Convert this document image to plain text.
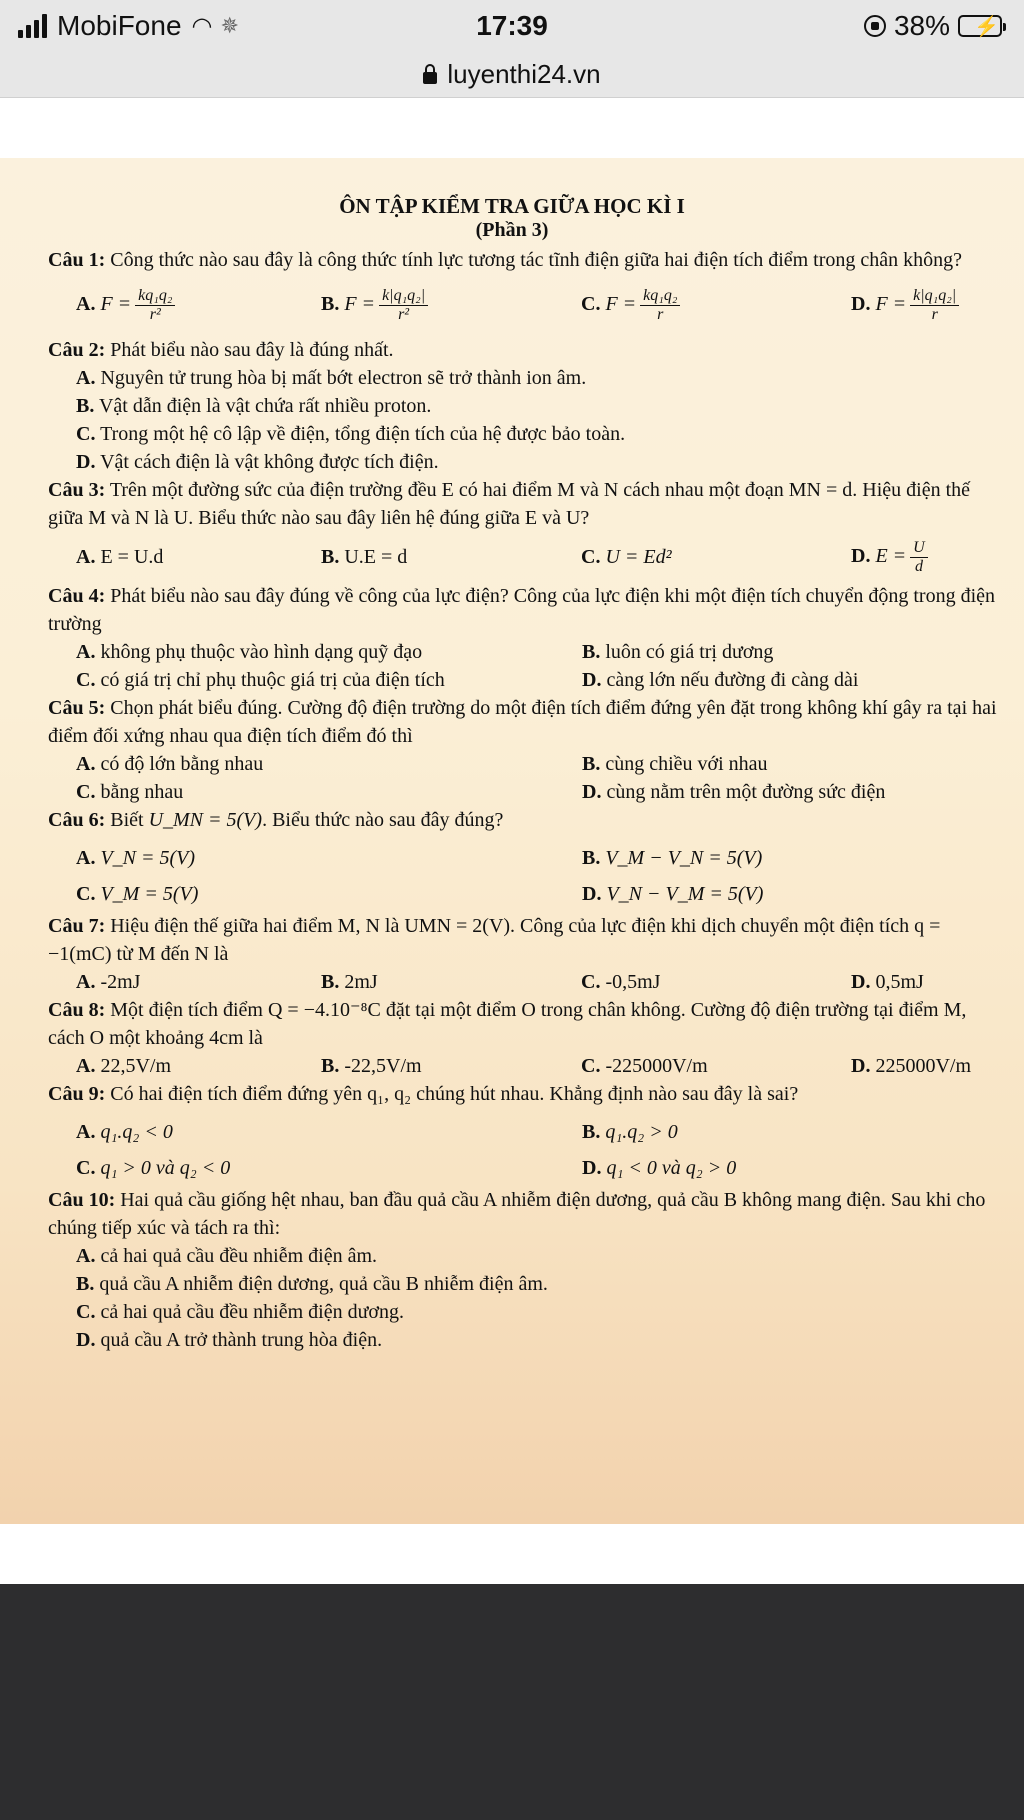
MobiFone ◠ ✵	17:39	38% ⚡
luyenthi24.vn
ÔN TẬP KIỂM TRA GIỮA HỌC KÌ I
(Phần 3)
Câu 1: Công thức nào sau đây là công thức tính lực tương tác tĩnh điện giữa hai điện tích điểm trong chân không?
A. $F = \frac{\text{kq₁q₂}}{\text{r²}}$	B. $F = \frac{\text{k|q₁q₂|}}{\text{r²}}$	C. $F = \frac{\text{kq₁q₂}}{r}$	D. $F = \frac{\text{k|q₁q₂|}}{r}$
Câu 2: Phát biểu nào sau đây là đúng nhất.
A. Nguyên tử trung hòa bị mất bớt electron sẽ trở thành ion âm.
B. Vật dẫn điện là vật chứa rất nhiều proton.
C. Trong một hệ cô lập về điện, tổng điện tích của hệ được bảo toàn.
D. Vật cách điện là vật không được tích điện.
Câu 3: Trên một đường sức của điện trường đều E có hai điểm M và N cách nhau một đoạn MN = d. Hiệu điện thế giữa M và N là U. Biểu thức nào sau đây liên hệ đúng giữa E và U?
A. E = U.d	B. U.E = d	C. U = Ed²	D. $E = \frac{U}{d}$
Câu 4: Phát biểu nào sau đây đúng về công của lực điện? Công của lực điện khi một điện tích chuyển động trong điện trường
A. không phụ thuộc vào hình dạng quỹ đạo	B. luôn có giá trị dương
C. có giá trị chỉ phụ thuộc giá trị của điện tích	D. càng lớn nếu đường đi càng dài
Câu 5: Chọn phát biểu đúng. Cường độ điện trường do một điện tích điểm đứng yên đặt trong không khí gây ra tại hai điểm đối xứng nhau qua điện tích điểm đó thì
A. có độ lớn bằng nhau	B. cùng chiều với nhau
C. bằng nhau	D. cùng nằm trên một đường sức điện
Câu 6: Biết U_MN = 5(V). Biểu thức nào sau đây đúng?
A. V_N = 5(V)	B. V_M − V_N = 5(V)
C. V_M = 5(V)	D. V_N − V_M = 5(V)
Câu 7: Hiệu điện thế giữa hai điểm M, N là UMN = 2(V). Công của lực điện khi dịch chuyển một điện tích q = −1(mC) từ M đến N là
A. -2mJ	B. 2mJ	C. -0,5mJ	D. 0,5mJ
Câu 8: Một điện tích điểm Q = −4.10⁻⁸C đặt tại một điểm O trong chân không. Cường độ điện trường tại điểm M, cách O một khoảng 4cm là
A. 22,5V/m	B. -22,5V/m	C. -225000V/m	D. 225000V/m
Câu 9: Có hai điện tích điểm đứng yên q₁, q₂ chúng hút nhau. Khẳng định nào sau đây là sai?
A. q₁.q₂ < 0	B. q₁.q₂ > 0
C. q₁ > 0 và q₂ < 0	D. q₁ < 0 và q₂ > 0
Câu 10: Hai quả cầu giống hệt nhau, ban đầu quả cầu A nhiễm điện dương, quả cầu B không mang điện. Sau khi cho chúng tiếp xúc và tách ra thì:
A. cả hai quả cầu đều nhiễm điện âm.
B. quả cầu A nhiễm điện dương, quả cầu B nhiễm điện âm.
C. cả hai quả cầu đều nhiễm điện dương.
D. quả cầu A trở thành trung hòa điện.
